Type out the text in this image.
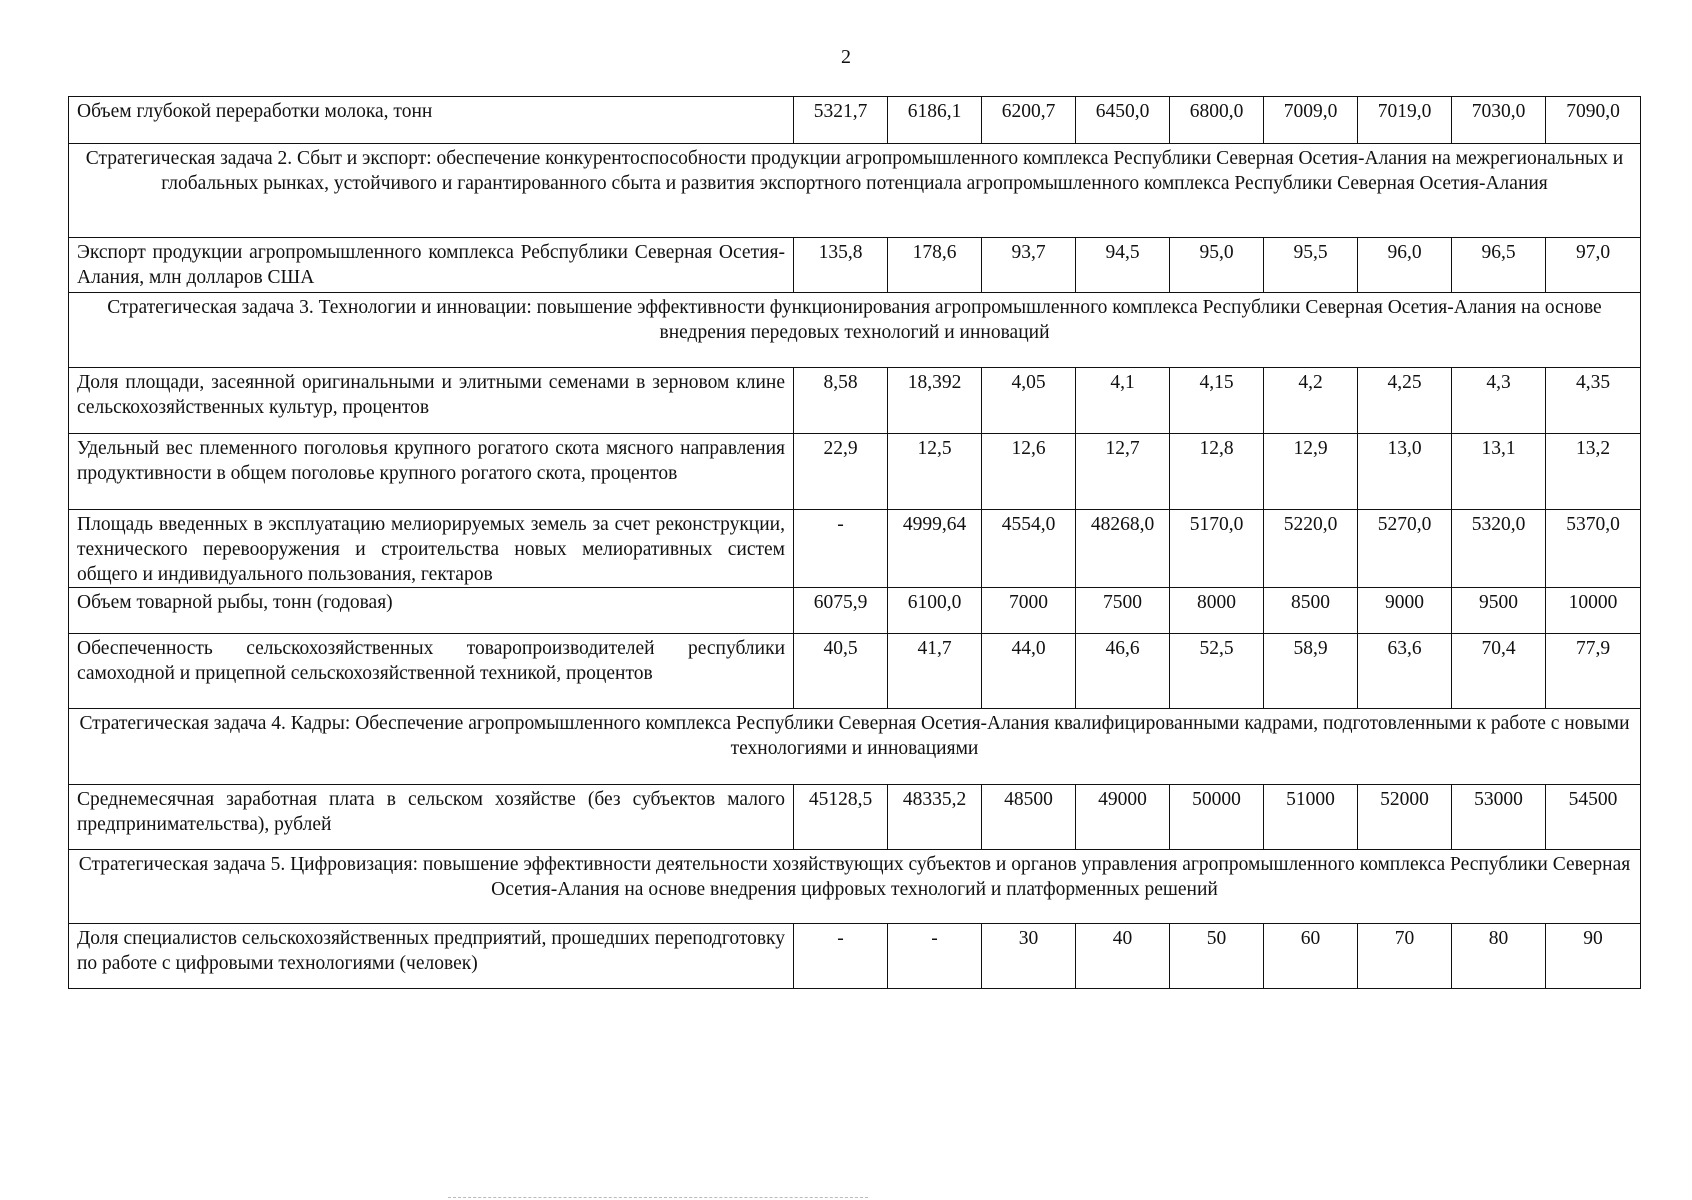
2
Объем глубокой переработки молока, тонн	5321,7	6186,1	6200,7	6450,0	6800,0	7009,0	7019,0	7030,0	7090,0
Стратегическая задача 2. Сбыт и экспорт: обеспечение конкурентоспособности продукции агропромышленного комплекса Республики Северная Осетия-Алания на межрегиональных и глобальных рынках, устойчивого и гарантированного сбыта и развития экспортного потенциала агропромышленного комплекса Республики Северная Осетия-Алания									
Экспорт продукции агропромышленного комплекса Ребспублики Северная Осетия-Алания, млн долларов США	135,8	178,6	93,7	94,5	95,0	95,5	96,0	96,5	97,0
Стратегическая задача 3. Технологии и инновации: повышение эффективности функционирования агропромышленного комплекса Республики Северная Осетия-Алания на основе внедрения передовых технологий и инноваций									
Доля площади, засеянной оригинальными и элитными семенами в зерновом клине сельскохозяйственных культур, процентов	8,58	18,392	4,05	4,1	4,15	4,2	4,25	4,3	4,35
Удельный вес племенного поголовья крупного рогатого скота мясного направления продуктивности в общем поголовье крупного рогатого скота, процентов	22,9	12,5	12,6	12,7	12,8	12,9	13,0	13,1	13,2
Площадь введенных в эксплуатацию мелиорируемых земель за счет реконструкции, технического перевооружения и строительства новых мелиоративных систем общего и индивидуального пользования, гектаров	-	4999,64	4554,0	48268,0	5170,0	5220,0	5270,0	5320,0	5370,0
Объем товарной рыбы, тонн (годовая)	6075,9	6100,0	7000	7500	8000	8500	9000	9500	10000
Обеспеченность сельскохозяйственных товаропроизводителей республики самоходной и прицепной сельскохозяйственной техникой, процентов	40,5	41,7	44,0	46,6	52,5	58,9	63,6	70,4	77,9
Стратегическая задача 4. Кадры: Обеспечение агропромышленного комплекса Республики Северная Осетия-Алания квалифицированными кадрами, подготовленными к работе с новыми технологиями и инновациями									
Среднемесячная заработная плата в сельском хозяйстве (без субъектов малого предпринимательства), рублей	45128,5	48335,2	48500	49000	50000	51000	52000	53000	54500
Стратегическая задача 5. Цифровизация: повышение эффективности деятельности хозяйствующих субъектов и органов управления агропромышленного комплекса Республики Северная Осетия-Алания на основе внедрения цифровых технологий и платформенных решений									
Доля специалистов сельскохозяйственных предприятий, прошедших переподготовку по работе с цифровыми технологиями (человек)	-	-	30	40	50	60	70	80	90
